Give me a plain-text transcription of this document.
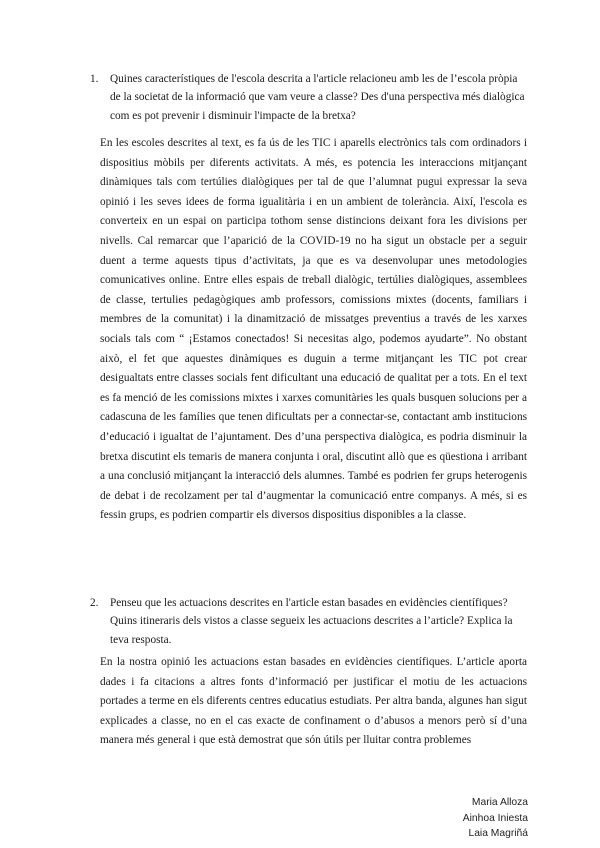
1. Quines característiques de l'escola descrita a l'article relacioneu amb les de l’escola pròpia de la societat de la informació que vam veure a classe? Des d'una perspectiva més dialògica com es pot prevenir i disminuir l'impacte de la bretxa?

En les escoles descrites al text, es fa ús de les TIC i aparells electrònics tals com ordinadors i dispositius mòbils per diferents activitats. A més, es potencia les interaccions mitjançant dinàmiques tals com tertúlies dialògiques per tal de que l’alumnat pugui expressar la seva opinió i les seves idees de forma igualitària i en un ambient de tolerància. Així, l'escola es converteix en un espai on participa tothom sense distincions deixant fora les divisions per nivells. Cal remarcar que l’aparició de la COVID-19 no ha sigut un obstacle per a seguir duent a terme aquests tipus d’activitats, ja que es va desenvolupar unes metodologies comunicatives online. Entre elles espais de treball dialògic, tertúlies dialògiques, assemblees de classe, tertulies pedagògiques amb professors, comissions mixtes (docents, familiars i membres de la comunitat) i la dinamització de missatges preventius a través de les xarxes socials tals com “ ¡Estamos conectados! Si necesitas algo, podemos ayudarte”. No obstant això, el fet que aquestes dinàmiques es duguin a terme mitjançant les TIC pot crear desigualtats entre classes socials fent dificultant una educació de qualitat per a tots. En el text es fa menció de les comissions mixtes i xarxes comunitàries les quals busquen solucions per a cadascuna de les famílies que tenen dificultats per a connectar-se, contactant amb institucions d’educació i igualtat de l’ajuntament. Des d’una perspectiva dialògica, es podria disminuir la bretxa discutint els temaris de manera conjunta i oral, discutint allò que es qüestiona i arribant a una conclusió mitjançant la interacció dels alumnes. També es podrien fer grups heterogenis de debat i de recolzament per tal d’augmentar la comunicació entre companys. A més, si es fessin grups, es podrien compartir els diversos dispositius disponibles a la classe.

2. Penseu que les actuacions descrites en l'article estan basades en evidències científiques? Quins itineraris dels vistos a classe segueix les actuacions descrites a l’article? Explica la teva resposta.

En la nostra opinió les actuacions estan basades en evidències científiques. L’article aporta dades i fa citacions a altres fonts d’informació per justificar el motiu de les actuacions portades a terme en els diferents centres educatius estudiats. Per altra banda, algunes han sigut explicades a classe, no en el cas exacte de confinament o d’abusos a menors però sí d’una manera més general i que està demostrat que són útils per lluitar contra problemes

Maria Alloza
Ainhoa Iniesta
Laia Magriñá
